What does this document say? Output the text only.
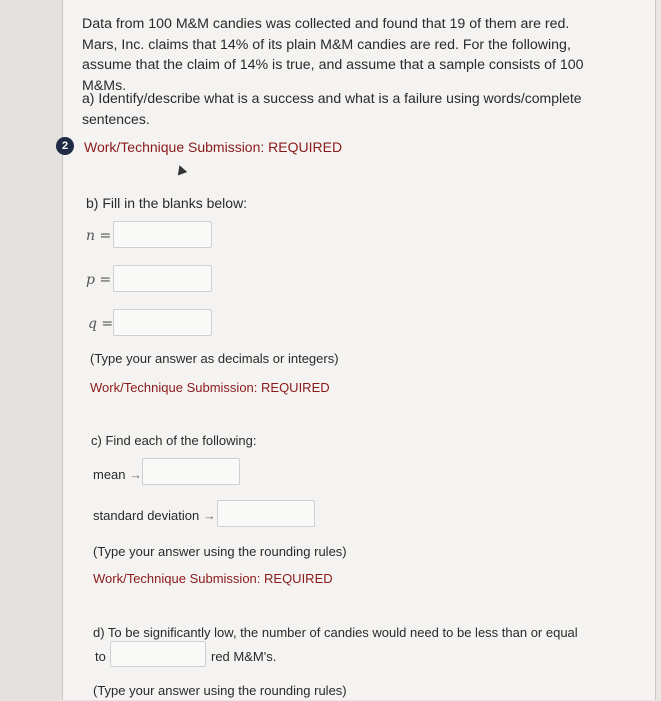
2
Data from 100 M&M candies was collected and found that 19 of them are red. Mars, Inc. claims that 14% of its plain M&M candies are red. For the following, assume that the claim of 14% is true, and assume that a sample consists of 100 M&Ms.
a) Identify/describe what is a success and what is a failure using words/complete sentences.
Work/Technique Submission: REQUIRED
b) Fill in the blanks below:
n =
p =
q =
(Type your answer as decimals or integers)
Work/Technique Submission: REQUIRED
c) Find each of the following:
mean →
standard deviation →
(Type your answer using the rounding rules)
Work/Technique Submission: REQUIRED
d) To be significantly low, the number of candies would need to be less than or equal
to	red M&M's.
(Type your answer using the rounding rules)
